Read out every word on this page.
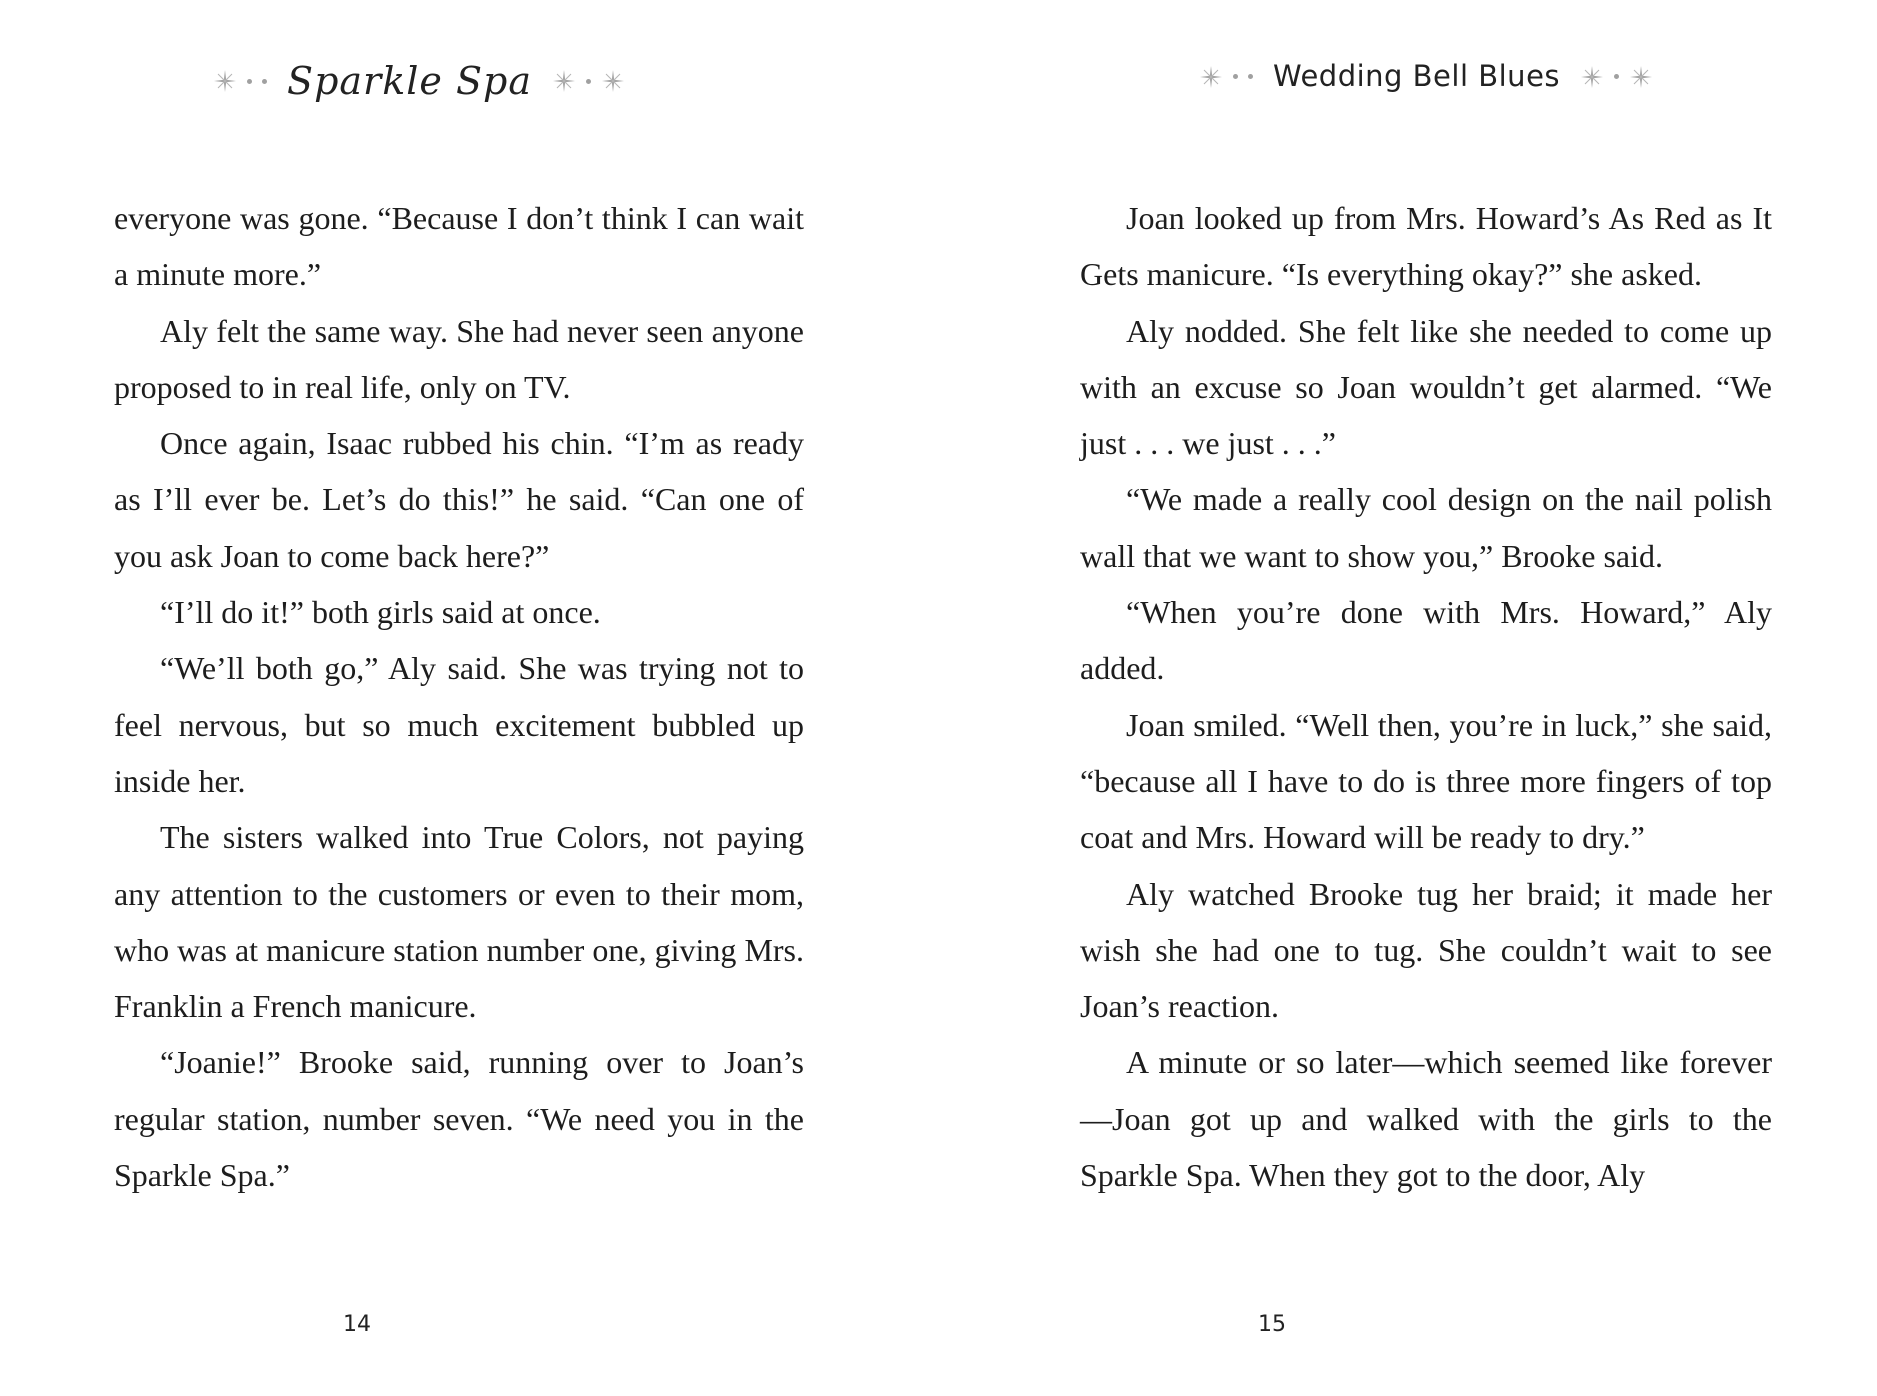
Sparkle Spa

everyone was gone. “Because I don’t think I can wait a minute more.”

Aly felt the same way. She had never seen anyone proposed to in real life, only on TV.

Once again, Isaac rubbed his chin. “I’m as ready as I’ll ever be. Let’s do this!” he said. “Can one of you ask Joan to come back here?”

“I’ll do it!” both girls said at once.

“We’ll both go,” Aly said. She was trying not to feel nervous, but so much excitement bubbled up inside her.

The sisters walked into True Colors, not paying any attention to the customers or even to their mom, who was at manicure station number one, giving Mrs. Franklin a French manicure.

“Joanie!” Brooke said, running over to Joan’s regular station, number seven. “We need you in the Sparkle Spa.”

14
Wedding Bell Blues

Joan looked up from Mrs. Howard’s As Red as It Gets manicure. “Is everything okay?” she asked.

Aly nodded. She felt like she needed to come up with an excuse so Joan wouldn’t get alarmed. “We just . . . we just . . .”

“We made a really cool design on the nail polish wall that we want to show you,” Brooke said.

“When you’re done with Mrs. Howard,” Aly added.

Joan smiled. “Well then, you’re in luck,” she said, “because all I have to do is three more fingers of top coat and Mrs. Howard will be ready to dry.”

Aly watched Brooke tug her braid; it made her wish she had one to tug. She couldn’t wait to see Joan’s reaction.

A minute or so later—which seemed like forever—Joan got up and walked with the girls to the Sparkle Spa. When they got to the door, Aly

15
